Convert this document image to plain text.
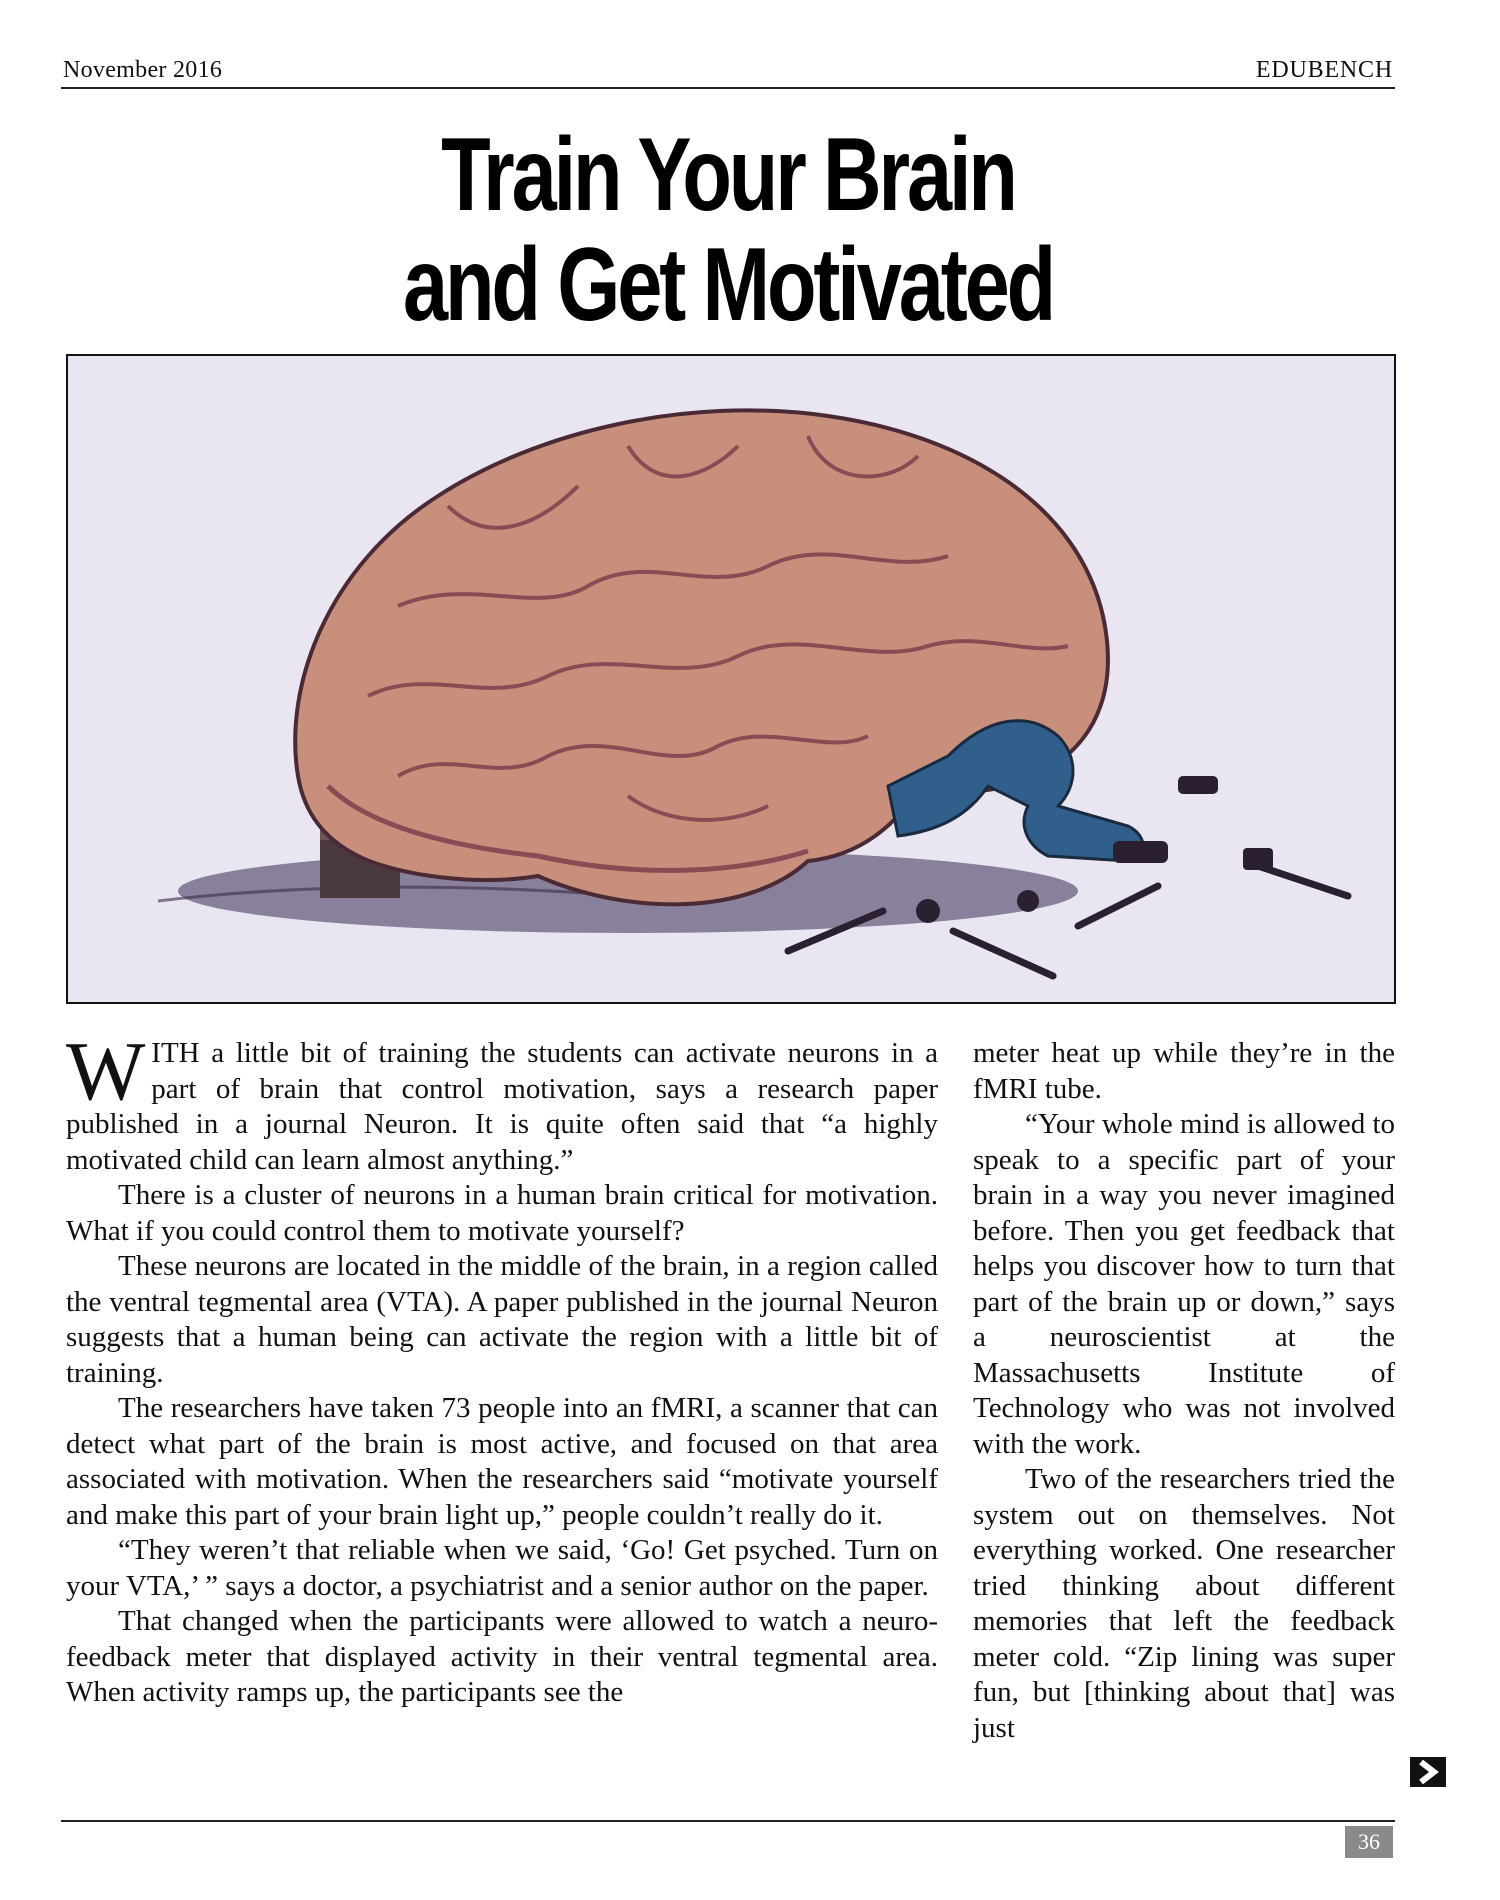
November 2016	EDUBENCH
Train Your Brain
and Get Motivated

WITH a little bit of training the students can activate neurons in a part of brain that control motivation, says a research paper published in a journal Neuron. It is quite often said that “a highly motivated child can learn almost anything.”

There is a cluster of neurons in a human brain critical for motivation. What if you could control them to motivate yourself?

These neurons are located in the middle of the brain, in a region called the ventral tegmental area (VTA). A paper published in the journal Neuron suggests that a human being can activate the region with a little bit of training.

The researchers have taken 73 people into an fMRI, a scanner that can detect what part of the brain is most active, and focused on that area associated with motivation. When the researchers said “motivate yourself and make this part of your brain light up,” people couldn’t really do it.

“They weren’t that reliable when we said, ‘Go! Get psyched. Turn on your VTA,’ ” says a doctor, a psychiatrist and a senior author on the paper.

That changed when the participants were allowed to watch a neuro-feedback meter that displayed activity in their ventral tegmental area. When activity ramps up, the participants see the

meter heat up while they’re in the fMRI tube.

“Your whole mind is allowed to speak to a specific part of your brain in a way you never imagined before. Then you get feedback that helps you discover how to turn that part of the brain up or down,” says a neuroscientist at the Massachusetts Institute of Technology who was not involved with the work.

Two of the researchers tried the system out on themselves. Not everything worked. One researcher tried thinking about different memories that left the feedback meter cold. “Zip lining was super fun, but [thinking about that] was just

36
